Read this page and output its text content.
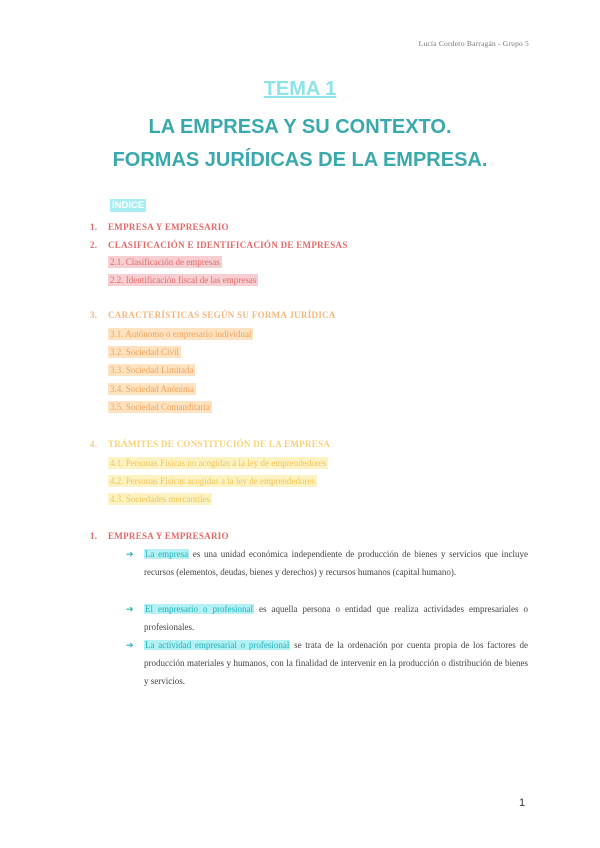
Lucía Cordero Barragán - Grupo 5
TEMA 1
LA EMPRESA Y SU CONTEXTO.
FORMAS JURÍDICAS DE LA EMPRESA.
ÍNDICE
1. EMPRESA Y EMPRESARIO
2. CLASIFICACIÓN E IDENTIFICACIÓN DE EMPRESAS
2.1. Clasificación de empresas
2.2. Identificación fiscal de las empresas
3. CARACTERÍSTICAS SEGÚN SU FORMA JURÍDICA
3.1. Autónomo o empresario individual
3.2. Sociedad Civil
3.3. Sociedad Limitada
3.4. Sociedad Anónima
3.5. Sociedad Comanditaria
4. TRÁMITES DE CONSTITUCIÓN DE LA EMPRESA
4.1. Personas Físicas no acogidas a la ley de emprendedores
4.2. Personas Físicas acogidas a la ley de emprendedores
4.3. Sociedades mercantiles
1. EMPRESA Y EMPRESARIO
➔ La empresa es una unidad económica independiente de producción de bienes y servicios que incluye recursos (elementos, deudas, bienes y derechos) y recursos humanos (capital humano).
➔ El empresario o profesional es aquella persona o entidad que realiza actividades empresariales o profesionales.
➔ La actividad empresarial o profesional se trata de la ordenación por cuenta propia de los factores de producción materiales y humanos, con la finalidad de intervenir en la producción o distribución de bienes y servicios.
1
